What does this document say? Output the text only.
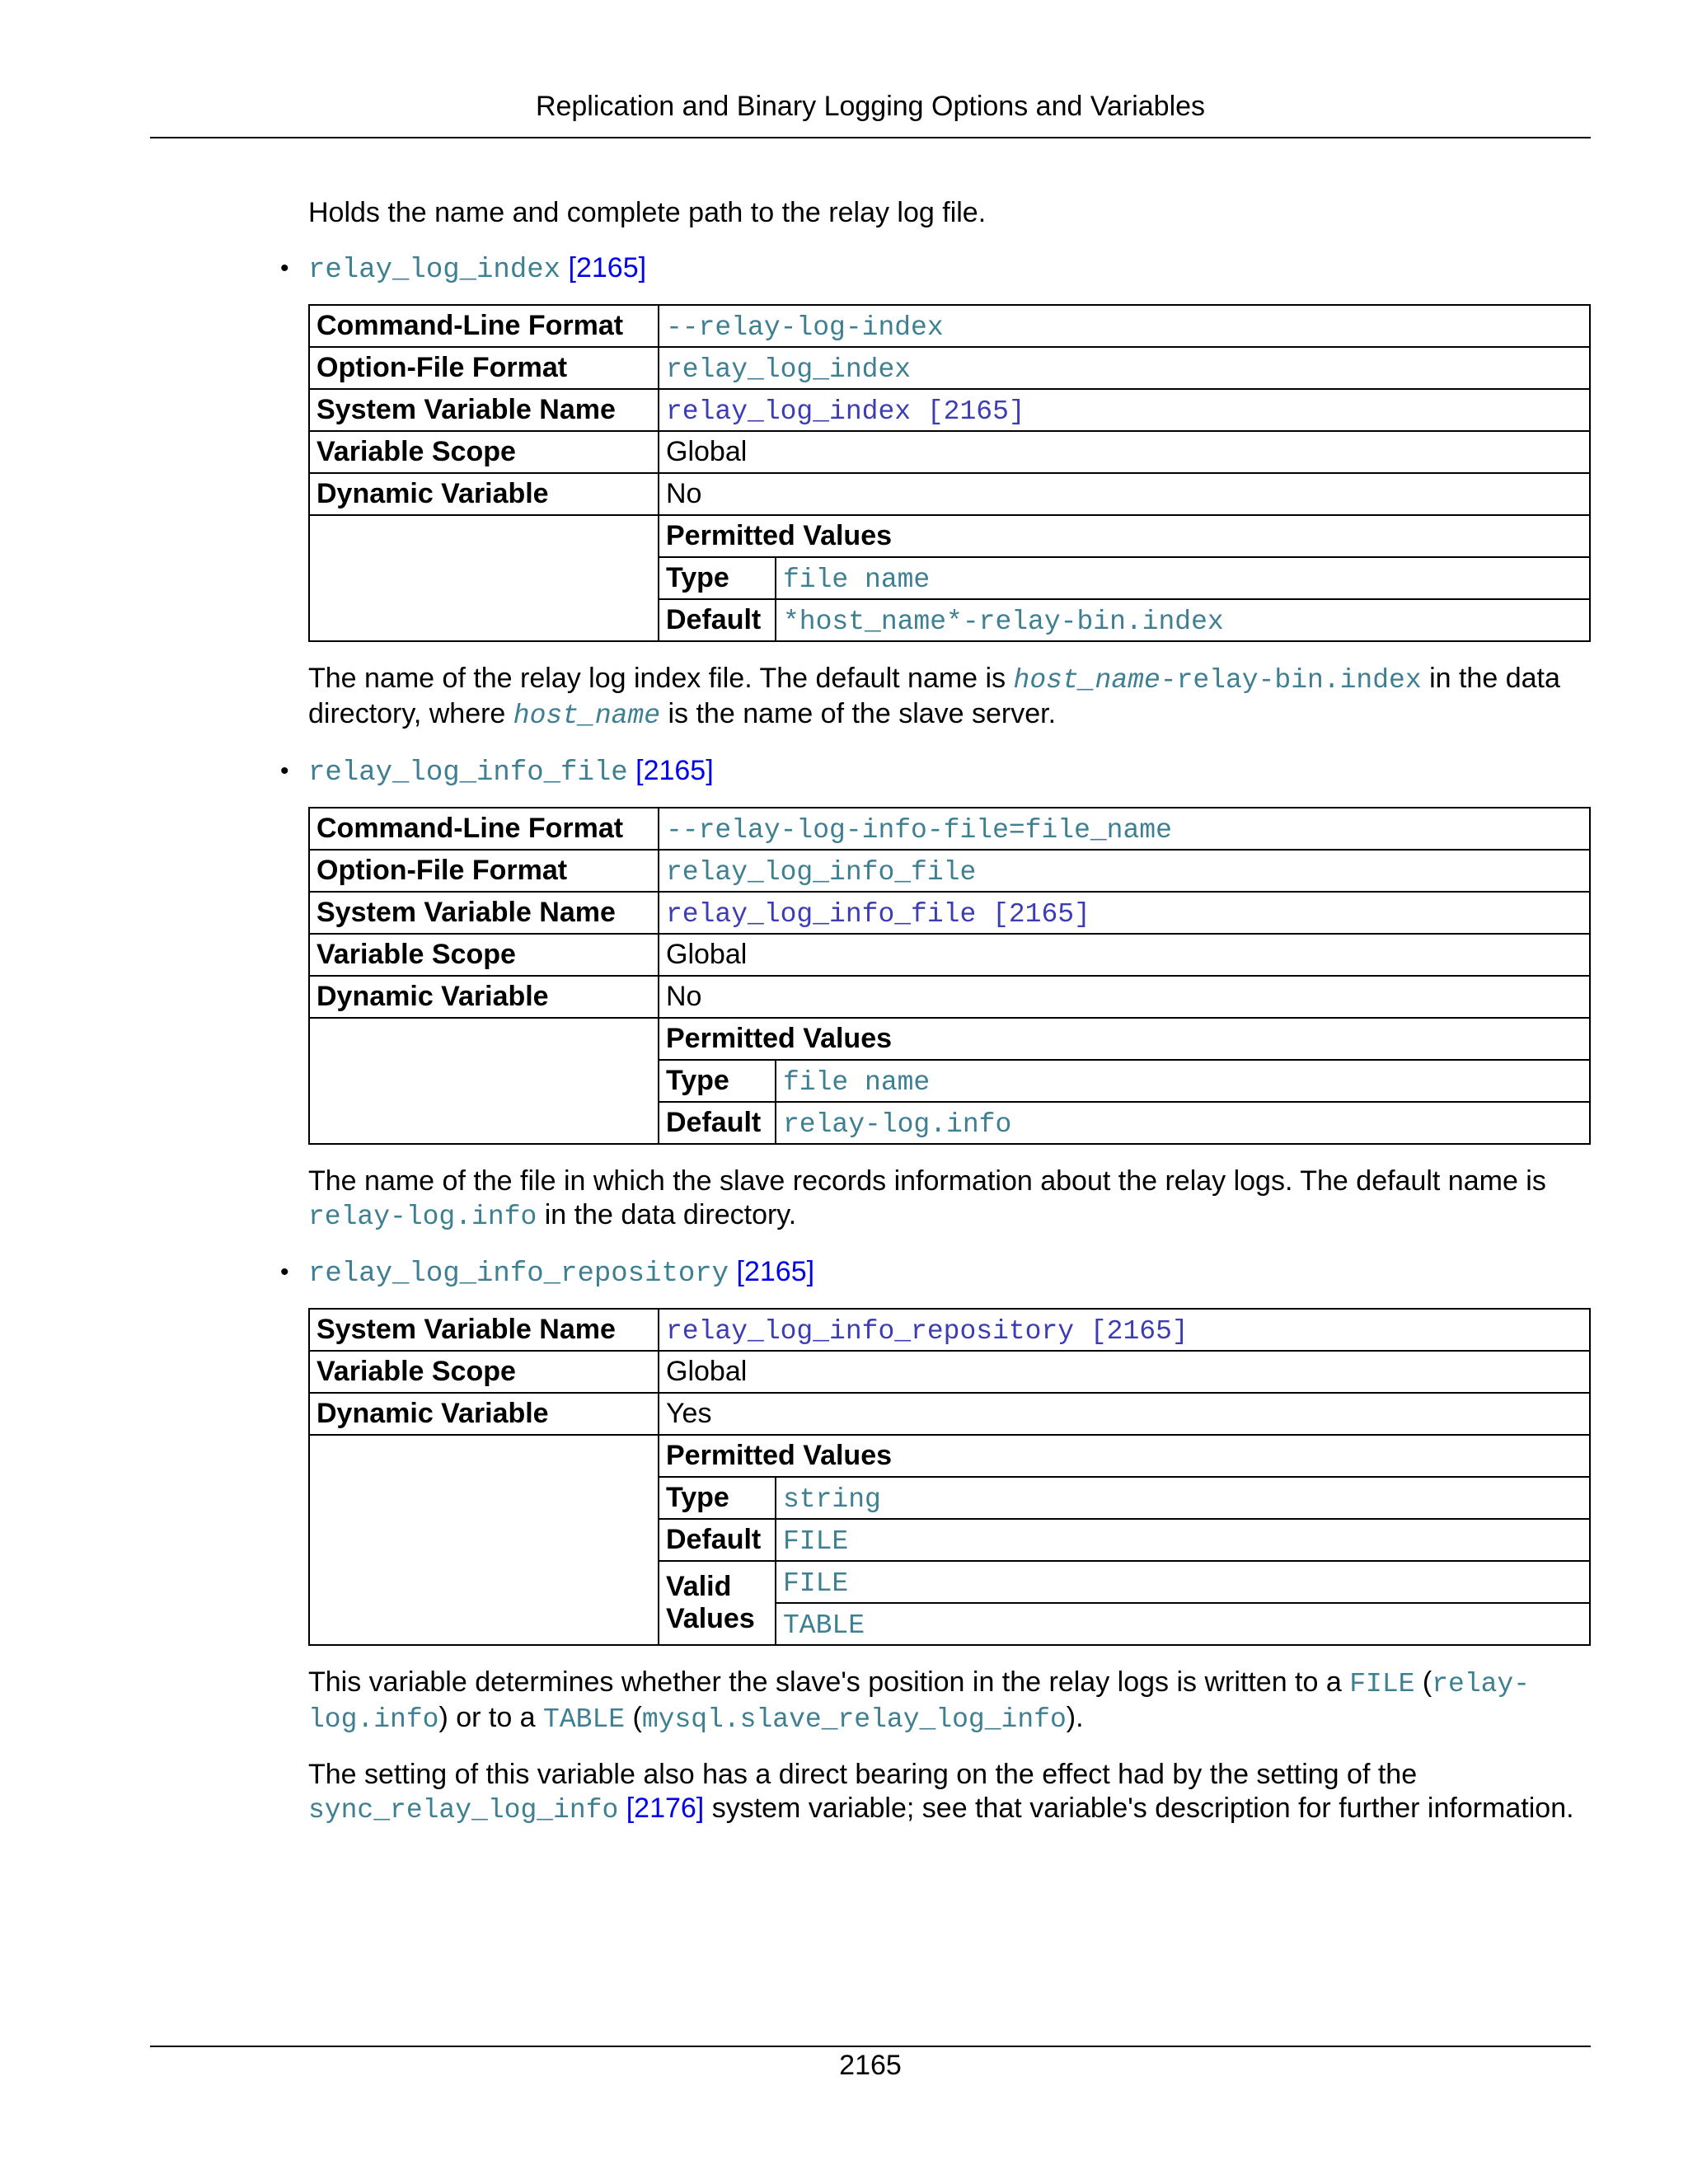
Replication and Binary Logging Options and Variables

Holds the name and complete path to the relay log file.

• relay_log_index [2165]
Command-Line Format	--relay-log-index	
Option-File Format	relay_log_index	
System Variable Name	relay_log_index [2165]	
Variable Scope	Global	
Dynamic Variable	No	
	Permitted Values	
	Type	file name
	Default	*host_name*-relay-bin.index

The name of the relay log index file. The default name is host_name-relay-bin.index in the data directory, where host_name is the name of the slave server.

• relay_log_info_file [2165]
Command-Line Format	--relay-log-info-file=file_name	
Option-File Format	relay_log_info_file	
System Variable Name	relay_log_info_file [2165]	
Variable Scope	Global	
Dynamic Variable	No	
	Permitted Values	
	Type	file name
	Default	relay-log.info

The name of the file in which the slave records information about the relay logs. The default name is relay-log.info in the data directory.

• relay_log_info_repository [2165]
System Variable Name	relay_log_info_repository [2165]	
Variable Scope	Global	
Dynamic Variable	Yes	
	Permitted Values	
	Type	string
	Default	FILE
	Valid Values	FILE
		TABLE

This variable determines whether the slave's position in the relay logs is written to a FILE (relay-log.info) or to a TABLE (mysql.slave_relay_log_info).

The setting of this variable also has a direct bearing on the effect had by the setting of the sync_relay_log_info [2176] system variable; see that variable's description for further information.

2165
